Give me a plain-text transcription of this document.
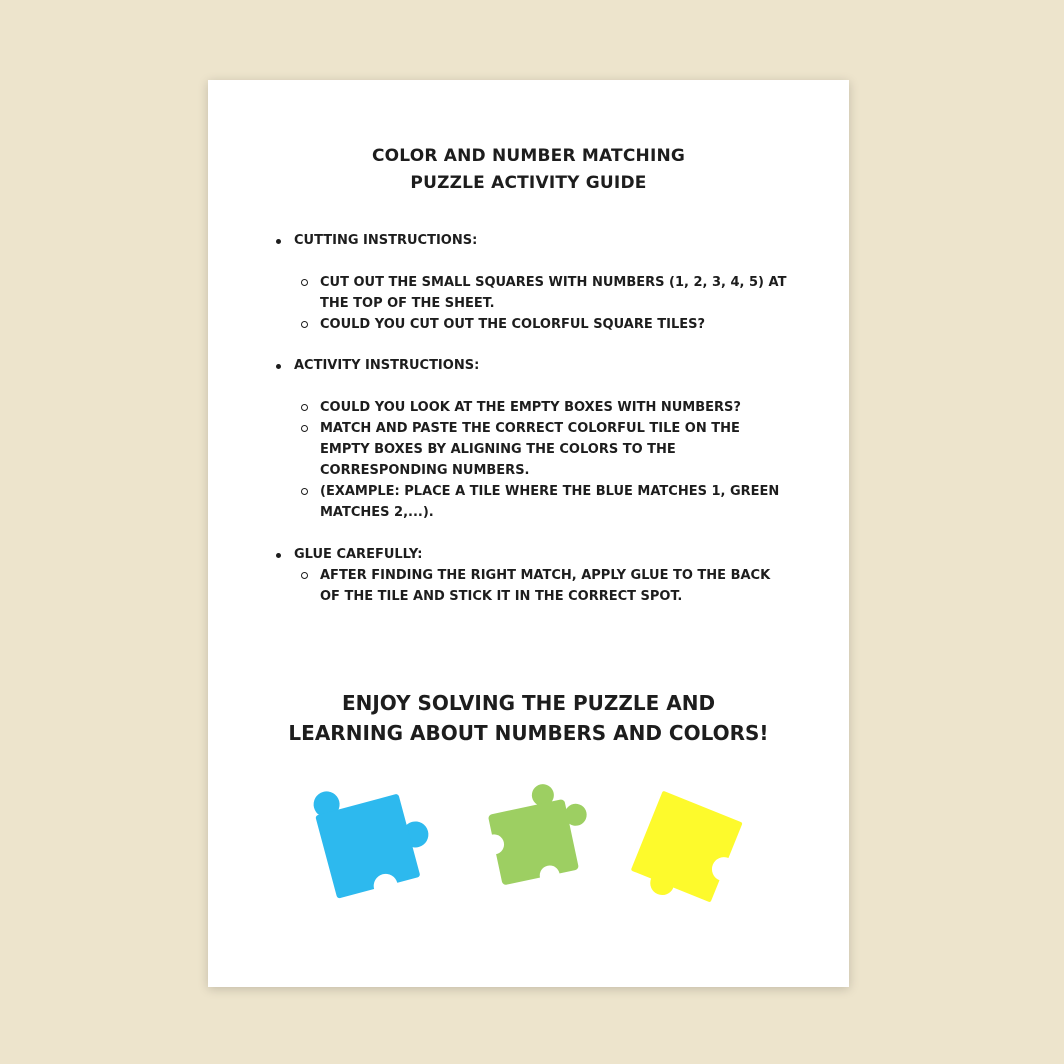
COLOR AND NUMBER MATCHING
PUZZLE ACTIVITY GUIDE
CUTTING INSTRUCTIONS:
CUT OUT THE SMALL SQUARES WITH NUMBERS (1, 2, 3, 4, 5) AT THE TOP OF THE SHEET.
COULD YOU CUT OUT THE COLORFUL SQUARE TILES?
ACTIVITY INSTRUCTIONS:
COULD YOU LOOK AT THE EMPTY BOXES WITH NUMBERS?
MATCH AND PASTE THE CORRECT COLORFUL TILE ON THE EMPTY BOXES BY ALIGNING THE COLORS TO THE CORRESPONDING NUMBERS.
(EXAMPLE: PLACE A TILE WHERE THE BLUE MATCHES 1, GREEN MATCHES 2,...).
GLUE CAREFULLY:
AFTER FINDING THE RIGHT MATCH, APPLY GLUE TO THE BACK OF THE TILE AND STICK IT IN THE CORRECT SPOT.
ENJOY SOLVING THE PUZZLE AND
LEARNING ABOUT NUMBERS AND COLORS!
